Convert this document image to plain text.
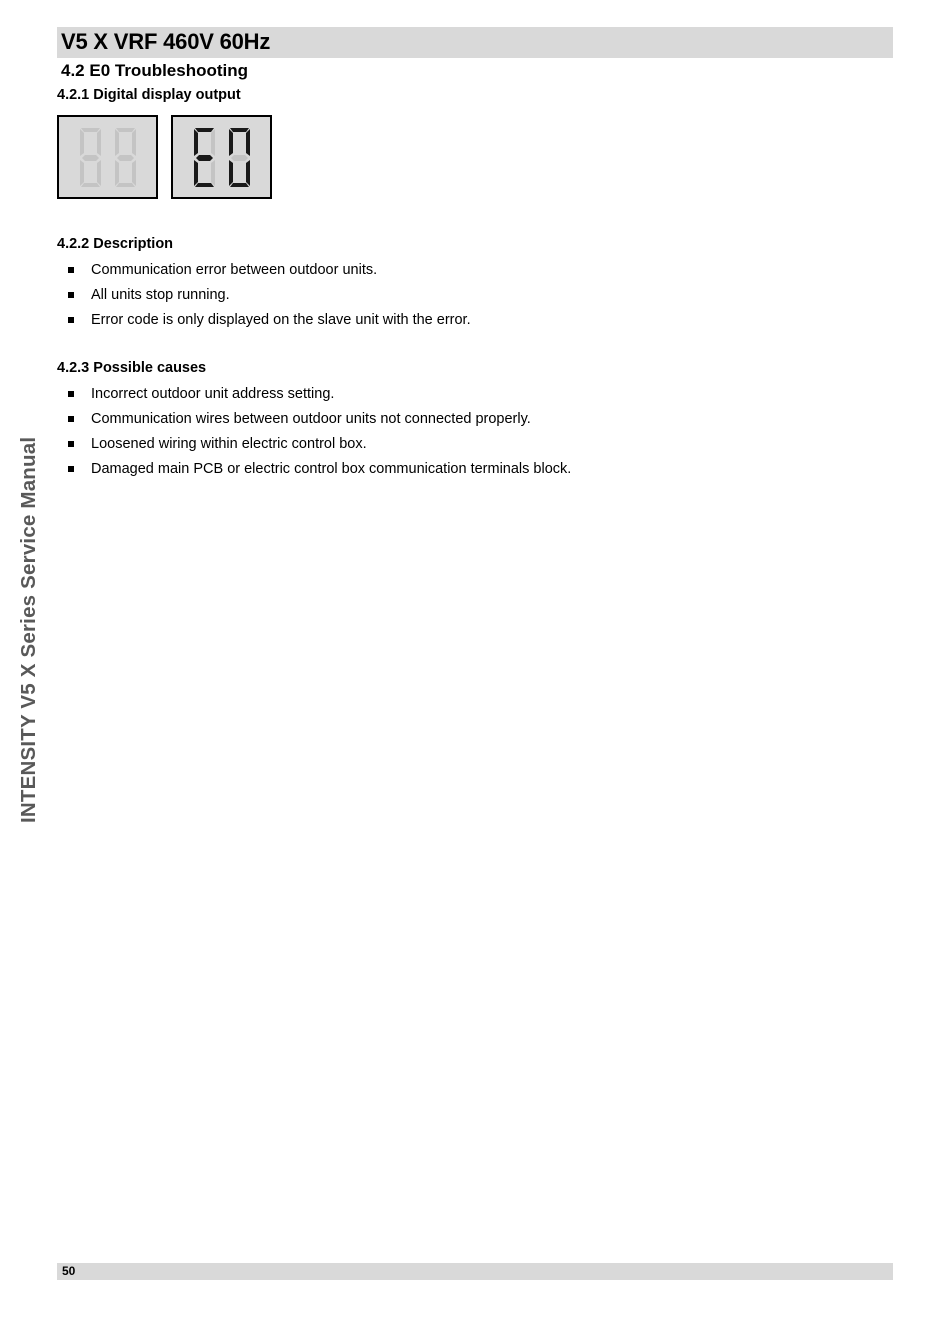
V5 X VRF 460V 60Hz
4.2 E0 Troubleshooting
4.2.1 Digital display output
4.2.2 Description
Communication error between outdoor units.
All units stop running.
Error code is only displayed on the slave unit with the error.
4.2.3 Possible causes
Incorrect outdoor unit address setting.
Communication wires between outdoor units not connected properly.
Loosened wiring within electric control box.
Damaged main PCB or electric control box communication terminals block.
INTENSITY V5 X Series Service Manual
50
